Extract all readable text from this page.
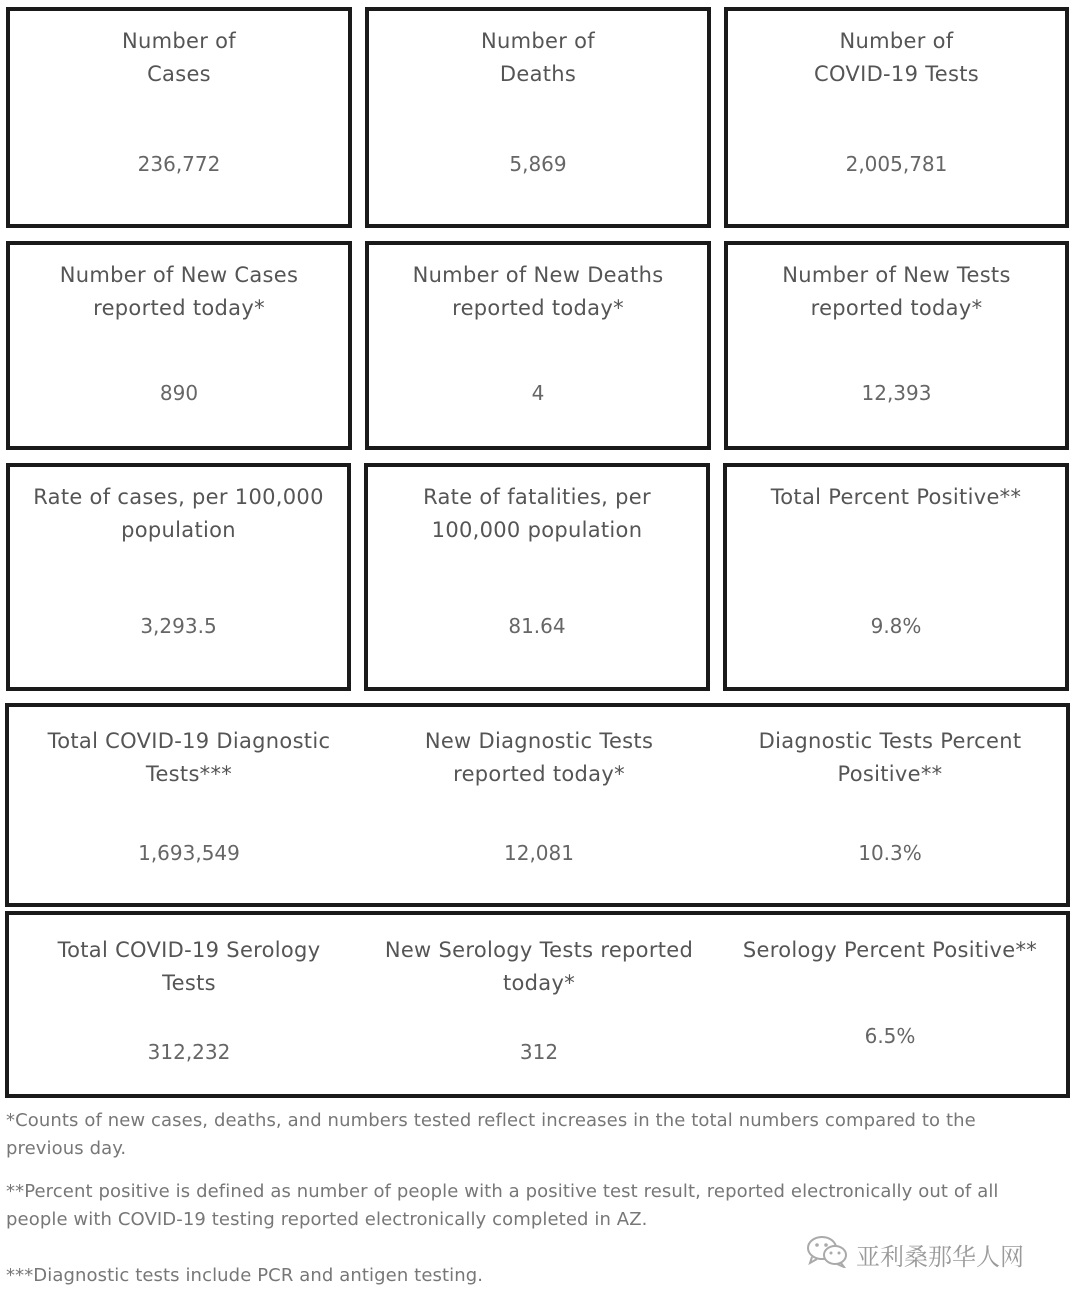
Number of
Cases
236,772
Number of
Deaths
5,869
Number of
COVID-19 Tests
2,005,781
Number of New Cases
reported today*
890
Number of New Deaths
reported today*
4
Number of New Tests
reported today*
12,393
Rate of cases, per 100,000
population
3,293.5
Rate of fatalities, per
100,000 population
81.64
Total Percent Positive**
9.8%
Total COVID-19 Diagnostic
Tests***
1,693,549
New Diagnostic Tests
reported today*
12,081
Diagnostic Tests Percent
Positive**
10.3%
Total COVID-19 Serology
Tests
312,232
New Serology Tests reported
today*
312
Serology Percent Positive**
6.5%
*Counts of new cases, deaths, and numbers tested reflect increases in the total numbers compared to the previous day.
**Percent positive is defined as number of people with a positive test result, reported electronically out of all people with COVID-19 testing reported electronically completed in AZ.
***Diagnostic tests include PCR and antigen testing.
亚利桑那华人网
